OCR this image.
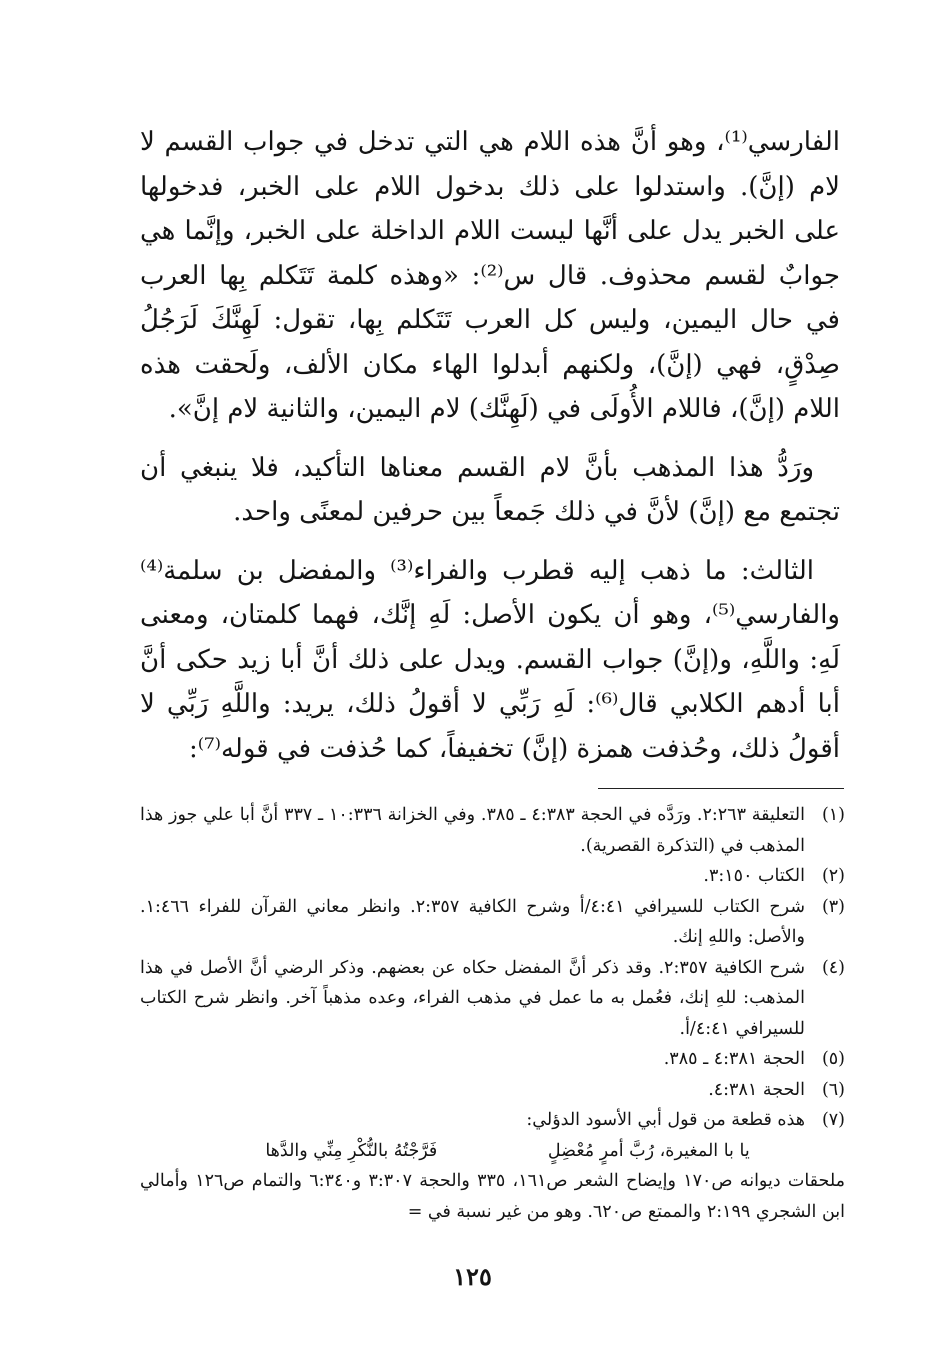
الفارسي⁽¹⁾، وهو أنَّ هذه اللام هي التي تدخل في جواب القسم لا لام (إنَّ). واستدلوا على ذلك بدخول اللام على الخبر، فدخولها على الخبر يدل على أنَّها ليست اللام الداخلة على الخبر، وإنَّما هي جوابٌ لقسم محذوف. قال س⁽²⁾: «وهذه كلمة تَتَكلم بِها العرب في حال اليمين، وليس كل العرب تَتَكلم بِها، تقول: لَهِنَّكَ لَرَجُلُ صِدْقٍ، فهي (إنَّ)، ولكنهم أبدلوا الهاء مكان الألف، ولَحقت هذه اللام (إنَّ)، فاللام الأُولَى في (لَهِنَّك) لام اليمين، والثانية لام إنَّ».

ورَدُّ هذا المذهب بأنَّ لام القسم معناها التأكيد، فلا ينبغي أن تجتمع مع (إنَّ) لأنَّ في ذلك جَمعاً بين حرفين لمعنًى واحد.

الثالث: ما ذهب إليه قطرب والفراء⁽³⁾ والمفضل بن سلمة⁽⁴⁾ والفارسي⁽⁵⁾، وهو أن يكون الأصل: لَهِ إنَّك، فهما كلمتان، ومعنى لَهِ: واللَّهِ، و(إنَّ) جواب القسم. ويدل على ذلك أنَّ أبا زيد حكى أنَّ أبا أدهم الكلابي قال⁽⁶⁾: لَهِ رَبِّي لا أقولُ ذلك، يريد: واللَّهِ رَبِّي لا أقولُ ذلك، وحُذفت همزة (إنَّ) تخفيفاً، كما حُذفت في قوله⁽⁷⁾:

(١)
التعليقة ٢:٢٦٣. ورَدَّه في الحجة ٤:٣٨٣ ـ ٣٨٥. وفي الخزانة ١٠:٣٣٦ ـ ٣٣٧ أنَّ أبا علي جوز هذا المذهب في (التذكرة القصرية).
(٢)
الكتاب ٣:١٥٠.
(٣)
شرح الكتاب للسيرافي ٤:٤١/أ وشرح الكافية ٢:٣٥٧. وانظر معاني القرآن للفراء ١:٤٦٦. والأصل: واللهِ إنك.
(٤)
شرح الكافية ٢:٣٥٧. وقد ذكر أنَّ المفضل حكاه عن بعضهم. وذكر الرضي أنَّ الأصل في هذا المذهب: للهِ إنك، فعُمل به ما عمل في مذهب الفراء، وعده مذهباً آخر. وانظر شرح الكتاب للسيرافي ٤:٤١/أ.
(٥)
الحجة ٤:٣٨١ ـ ٣٨٥.
(٦)
الحجة ٤:٣٨١.
(٧)
هذه قطعة من قول أبي الأسود الدؤلي:
يا با المغيرة، رُبَّ أمرٍ مُعْضِلٍ
فَرَّجْتُهُ بالنُّكْرِ مِنِّي والدَّها
ملحقات ديوانه ص١٧٠ وإيضاح الشعر ص١٦١، ٣٣٥ والحجة ٣:٣٠٧ و٦:٣٤٠ والتمام ص١٢٦ وأمالي ابن الشجري ٢:١٩٩ والممتع ص٦٢٠. وهو من غير نسبة في =
١٢٥
